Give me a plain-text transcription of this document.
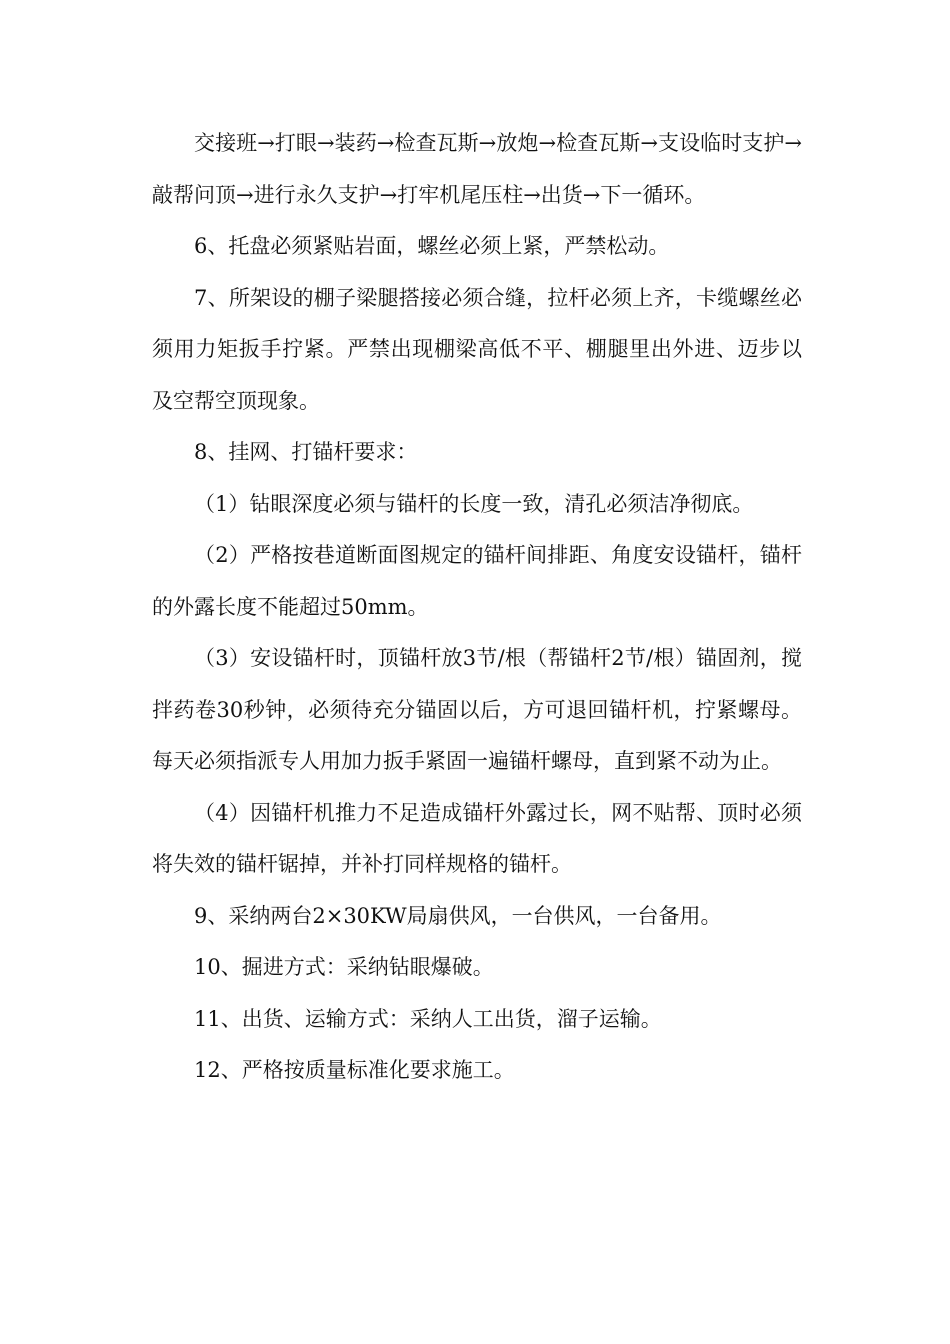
交接班→打眼→装药→检查瓦斯→放炮→检查瓦斯→支设临时支护→敲帮问顶→进行永久支护→打牢机尾压柱→出货→下一循环。

6、托盘必须紧贴岩面，螺丝必须上紧，严禁松动。

7、所架设的棚子梁腿搭接必须合缝，拉杆必须上齐，卡缆螺丝必须用力矩扳手拧紧。严禁出现棚梁高低不平、棚腿里出外进、迈步以及空帮空顶现象。

8、挂网、打锚杆要求：

（1）钻眼深度必须与锚杆的长度一致，清孔必须洁净彻底。

（2）严格按巷道断面图规定的锚杆间排距、角度安设锚杆，锚杆的外露长度不能超过50mm。

（3）安设锚杆时，顶锚杆放3节/根（帮锚杆2节/根）锚固剂，搅拌药卷30秒钟，必须待充分锚固以后，方可退回锚杆机，拧紧螺母。每天必须指派专人用加力扳手紧固一遍锚杆螺母，直到紧不动为止。

（4）因锚杆机推力不足造成锚杆外露过长，网不贴帮、顶时必须将失效的锚杆锯掉，并补打同样规格的锚杆。

9、采纳两台2×30KW局扇供风，一台供风，一台备用。

10、掘进方式：采纳钻眼爆破。

11、出货、运输方式：采纳人工出货，溜子运输。

12、严格按质量标准化要求施工。
